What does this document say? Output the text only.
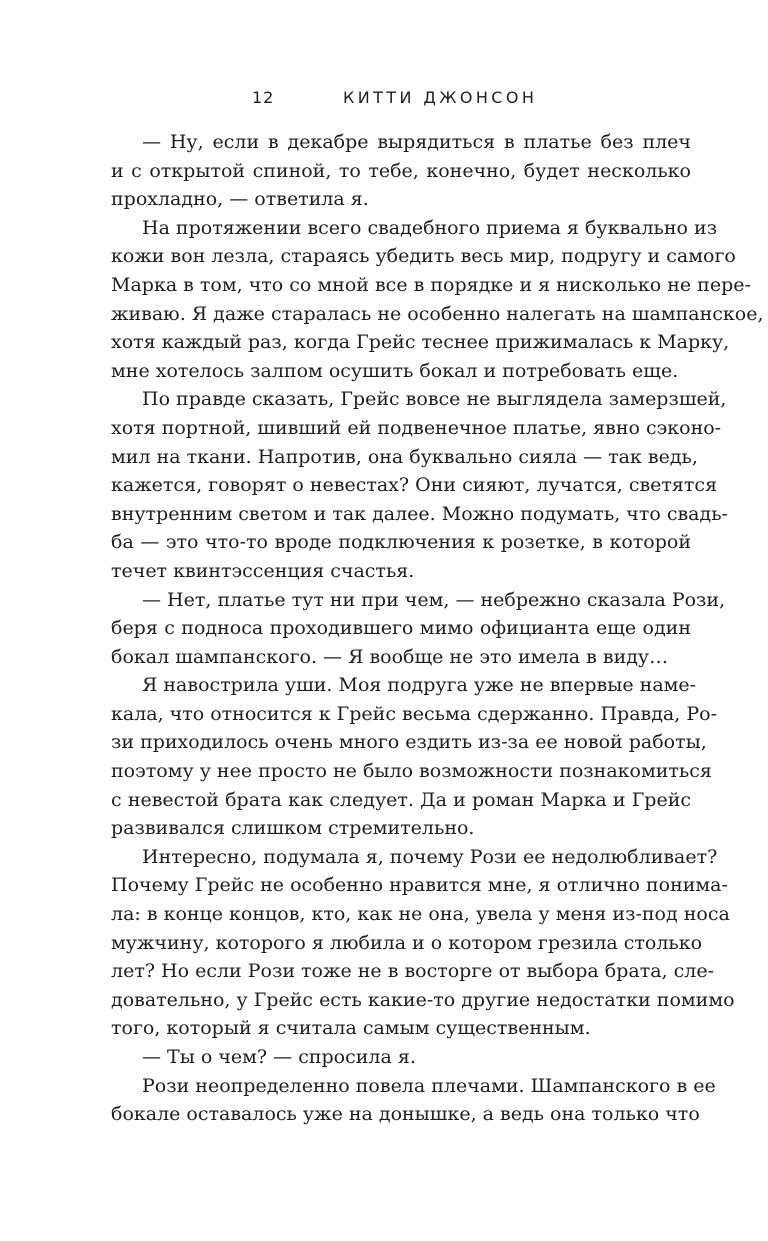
12	КИТТИ ДЖОНСОН
— Ну, если в декабре вырядиться в платье без плеч
и с открытой спиной, то тебе, конечно, будет несколько
прохладно, — ответила я.
На протяжении всего свадебного приема я буквально из
кожи вон лезла, стараясь убедить весь мир, подругу и самого
Марка в том, что со мной все в порядке и я нисколько не пере-
живаю. Я даже старалась не особенно налегать на шампанское,
хотя каждый раз, когда Грейс теснее прижималась к Марку,
мне хотелось залпом осушить бокал и потребовать еще.
По правде сказать, Грейс вовсе не выглядела замерзшей,
хотя портной, шивший ей подвенечное платье, явно сэконо-
мил на ткани. Напротив, она буквально сияла — так ведь,
кажется, говорят о невестах? Они сияют, лучатся, светятся
внутренним светом и так далее. Можно подумать, что свадь-
ба — это что-то вроде подключения к розетке, в которой
течет квинтэссенция счастья.
— Нет, платье тут ни при чем, — небрежно сказала Рози,
беря с подноса проходившего мимо официанта еще один
бокал шампанского. — Я вообще не это имела в виду…
Я навострила уши. Моя подруга уже не впервые наме-
кала, что относится к Грейс весьма сдержанно. Правда, Ро-
зи приходилось очень много ездить из-за ее новой работы,
поэтому у нее просто не было возможности познакомиться
с невестой брата как следует. Да и роман Марка и Грейс
развивался слишком стремительно.
Интересно, подумала я, почему Рози ее недолюбливает?
Почему Грейс не особенно нравится мне, я отлично понима-
ла: в конце концов, кто, как не она, увела у меня из-под носа
мужчину, которого я любила и о котором грезила столько
лет? Но если Рози тоже не в восторге от выбора брата, сле-
довательно, у Грейс есть какие-то другие недостатки помимо
того, который я считала самым существенным.
— Ты о чем? — спросила я.
Рози неопределенно повела плечами. Шампанского в ее
бокале оставалось уже на донышке, а ведь она только что
